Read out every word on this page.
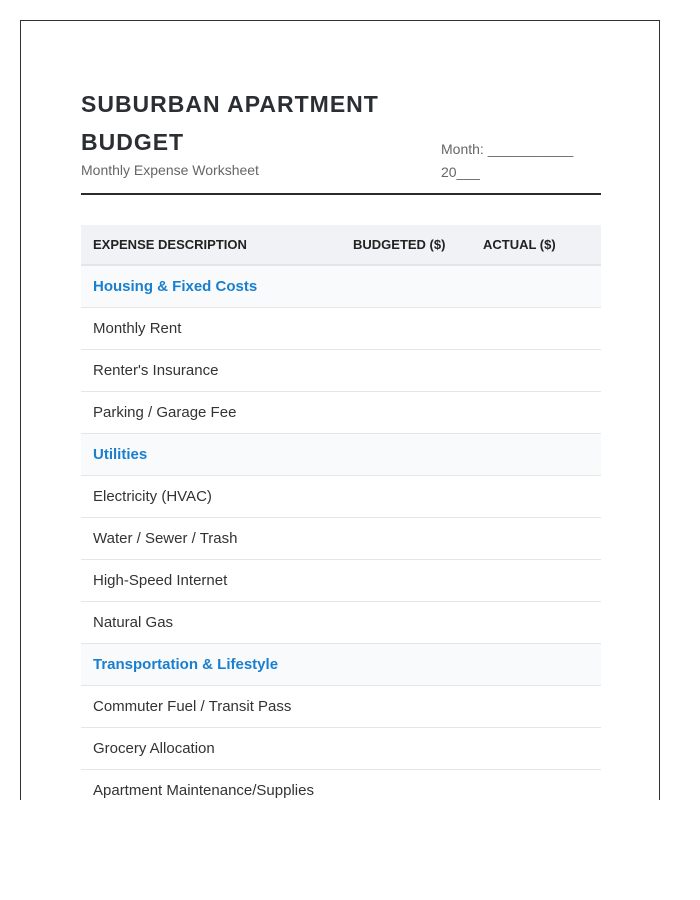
SUBURBAN APARTMENT BUDGET
Monthly Expense Worksheet
Month: ___________
20___
EXPENSE DESCRIPTION	BUDGETED ($)	ACTUAL ($)
Housing & Fixed Costs		
Monthly Rent		
Renter's Insurance		
Parking / Garage Fee		
Utilities		
Electricity (HVAC)		
Water / Sewer / Trash		
High-Speed Internet		
Natural Gas		
Transportation & Lifestyle		
Commuter Fuel / Transit Pass		
Grocery Allocation		
Apartment Maintenance/Supplies		
